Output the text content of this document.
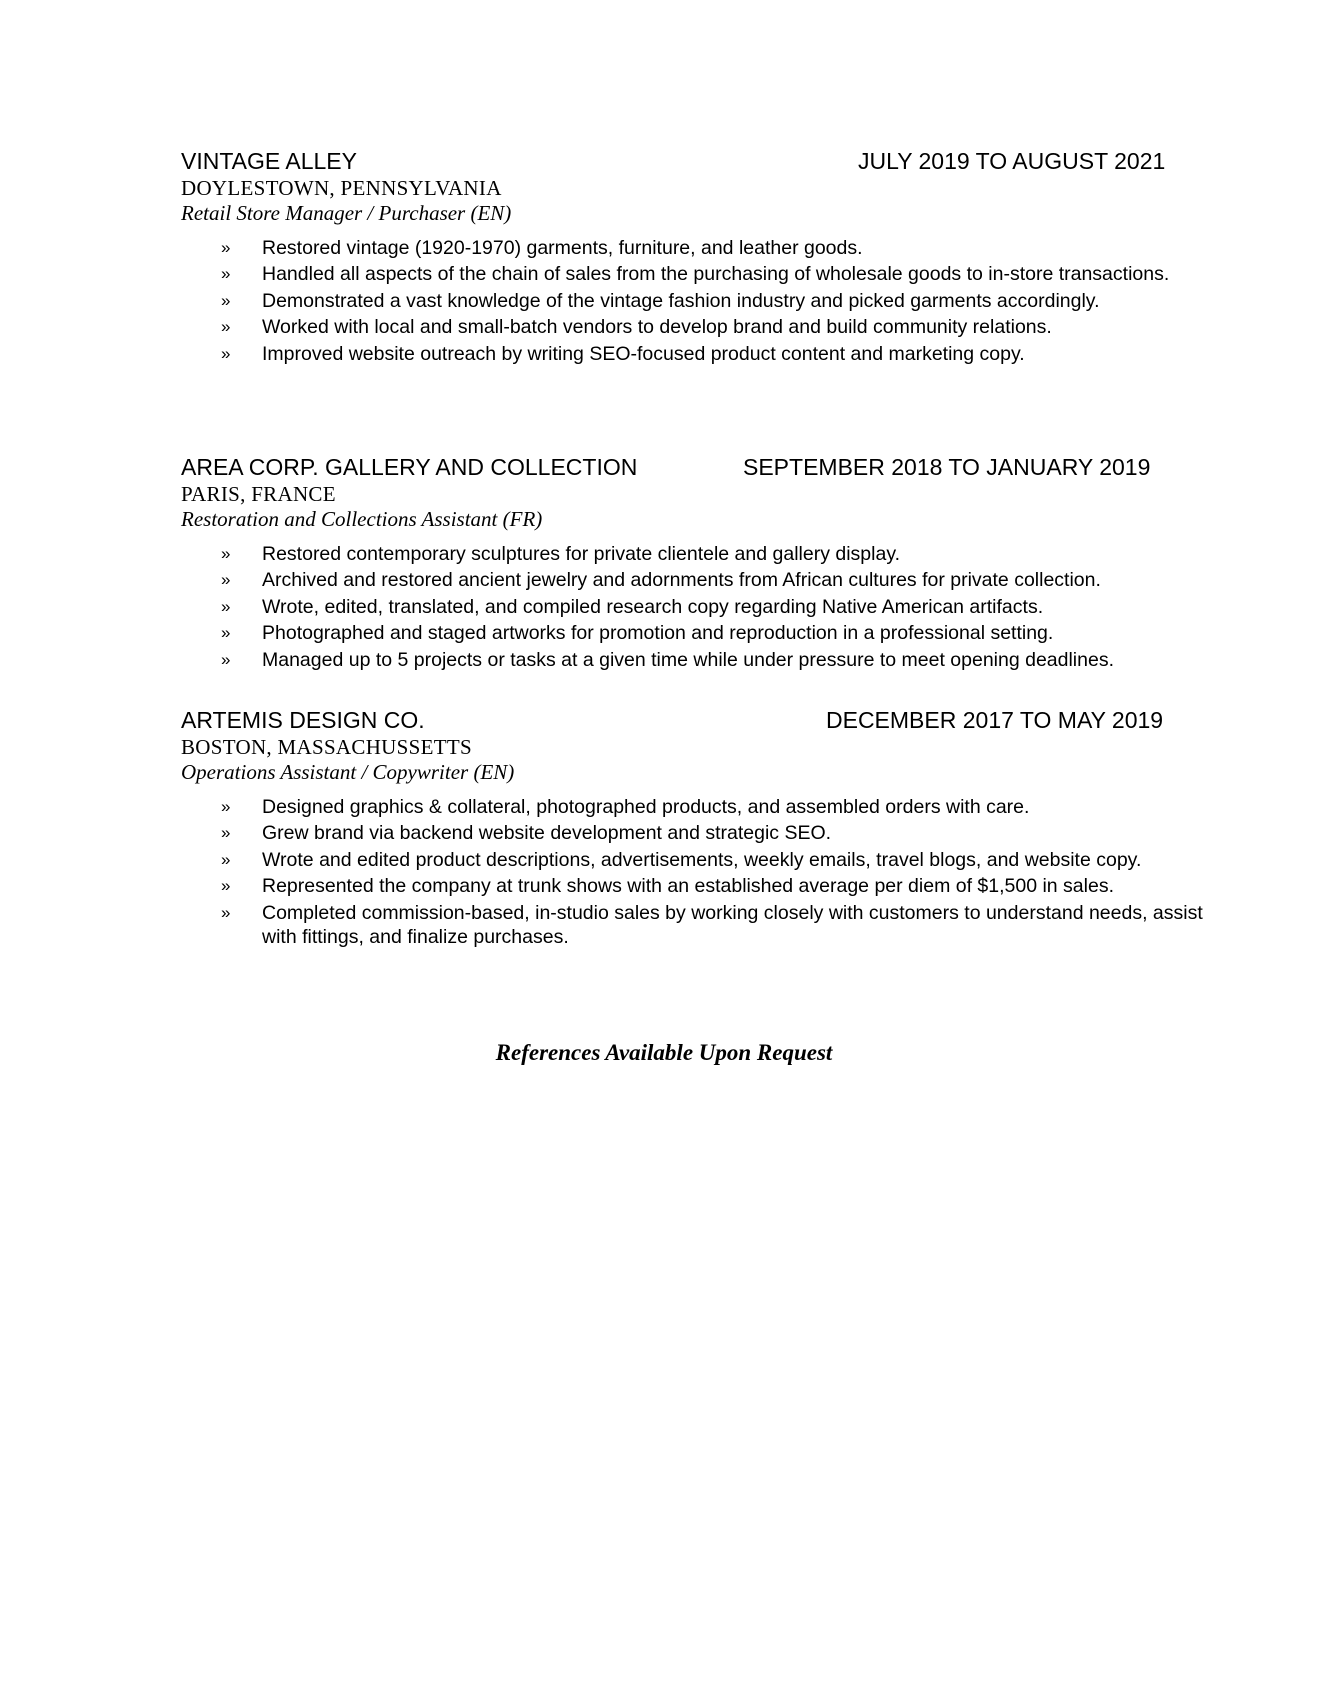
VINTAGE ALLEY	JULY 2019 TO AUGUST 2021
DOYLESTOWN, PENNSYLVANIA
Retail Store Manager / Purchaser (EN)
» Restored vintage (1920-1970) garments, furniture, and leather goods.
» Handled all aspects of the chain of sales from the purchasing of wholesale goods to in-store transactions.
» Demonstrated a vast knowledge of the vintage fashion industry and picked garments accordingly.
» Worked with local and small-batch vendors to develop brand and build community relations.
» Improved website outreach by writing SEO-focused product content and marketing copy.
AREA CORP. GALLERY AND COLLECTION	SEPTEMBER 2018 TO JANUARY 2019
PARIS, FRANCE
Restoration and Collections Assistant (FR)
» Restored contemporary sculptures for private clientele and gallery display.
» Archived and restored ancient jewelry and adornments from African cultures for private collection.
» Wrote, edited, translated, and compiled research copy regarding Native American artifacts.
» Photographed and staged artworks for promotion and reproduction in a professional setting.
» Managed up to 5 projects or tasks at a given time while under pressure to meet opening deadlines.
ARTEMIS DESIGN CO.	DECEMBER 2017 TO MAY 2019
BOSTON, MASSACHUSSETTS
Operations Assistant / Copywriter (EN)
» Designed graphics & collateral, photographed products, and assembled orders with care.
» Grew brand via backend website development and strategic SEO.
» Wrote and edited product descriptions, advertisements, weekly emails, travel blogs, and website copy.
» Represented the company at trunk shows with an established average per diem of $1,500 in sales.
» Completed commission-based, in-studio sales by working closely with customers to understand needs, assist with fittings, and finalize purchases.
References Available Upon Request
